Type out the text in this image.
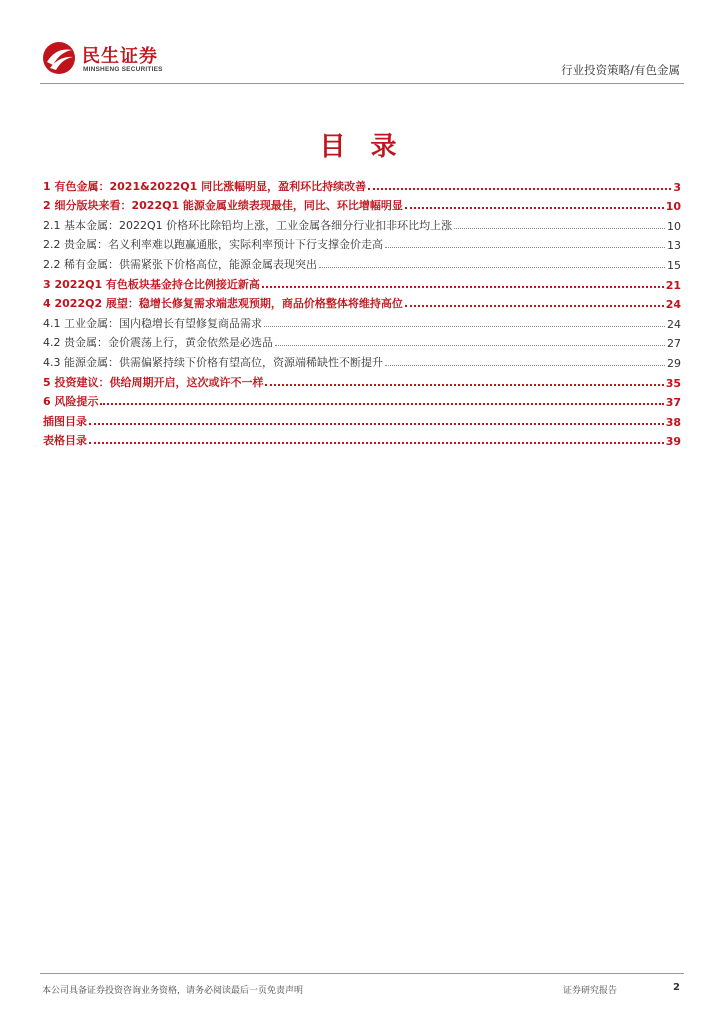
民生证券
MINSHENG SECURITIES	行业投资策略/有色金属
目 录
1 有色金属：2021&2022Q1 同比涨幅明显，盈利环比持续改善	3
2 细分版块来看：2022Q1 能源金属业绩表现最佳，同比、环比增幅明显	10
2.1 基本金属：2022Q1 价格环比除铅均上涨，工业金属各细分行业扣非环比均上涨	10
2.2 贵金属：名义利率难以跑赢通胀，实际利率预计下行支撑金价走高	13
2.2 稀有金属：供需紧张下价格高位，能源金属表现突出	15
3 2022Q1 有色板块基金持仓比例接近新高	21
4 2022Q2 展望：稳增长修复需求端悲观预期，商品价格整体将维持高位	24
4.1 工业金属：国内稳增长有望修复商品需求	24
4.2 贵金属：金价震荡上行，黄金依然是必选品	27
4.3 能源金属：供需偏紧持续下价格有望高位，资源端稀缺性不断提升	29
5 投资建议：供给周期开启，这次或许不一样	35
6 风险提示	37
插图目录	38
表格目录	39
本公司具备证券投资咨询业务资格，请务必阅读最后一页免责声明	证券研究报告	2
